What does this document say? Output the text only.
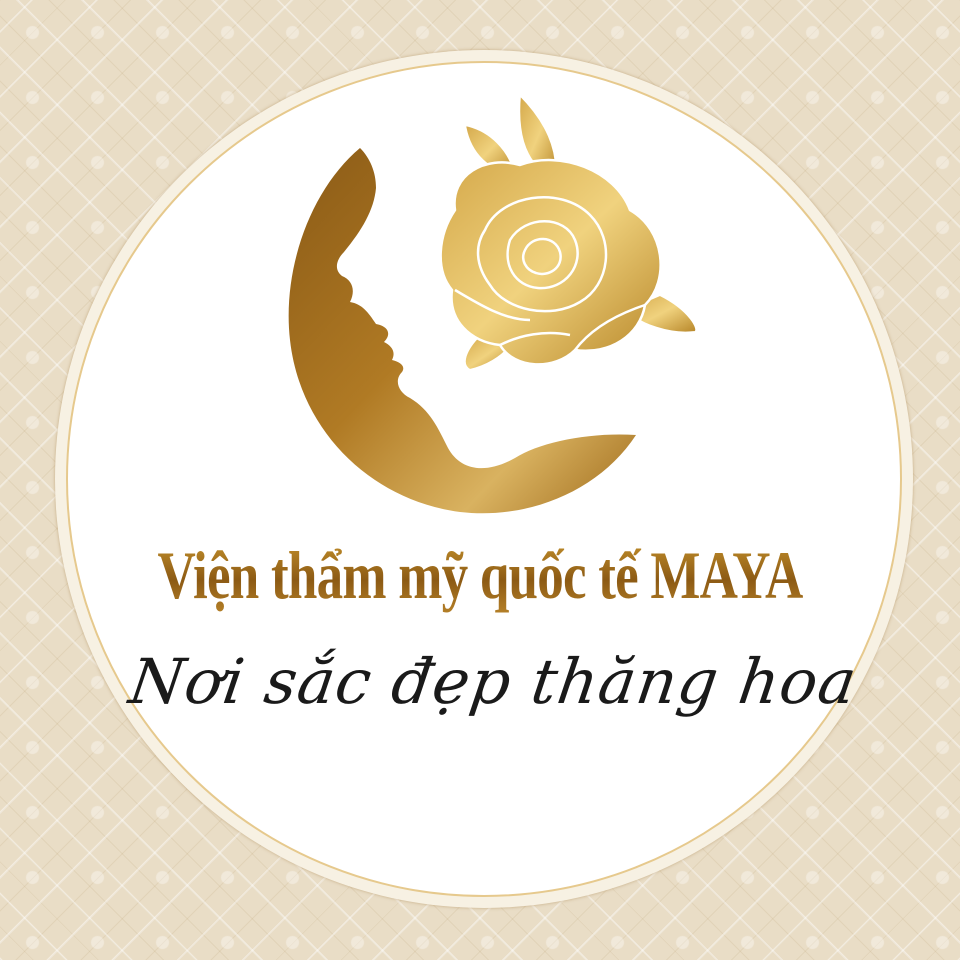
Viện thẩm mỹ quốc tế MAYA
Nơi sắc đẹp thăng hoa
